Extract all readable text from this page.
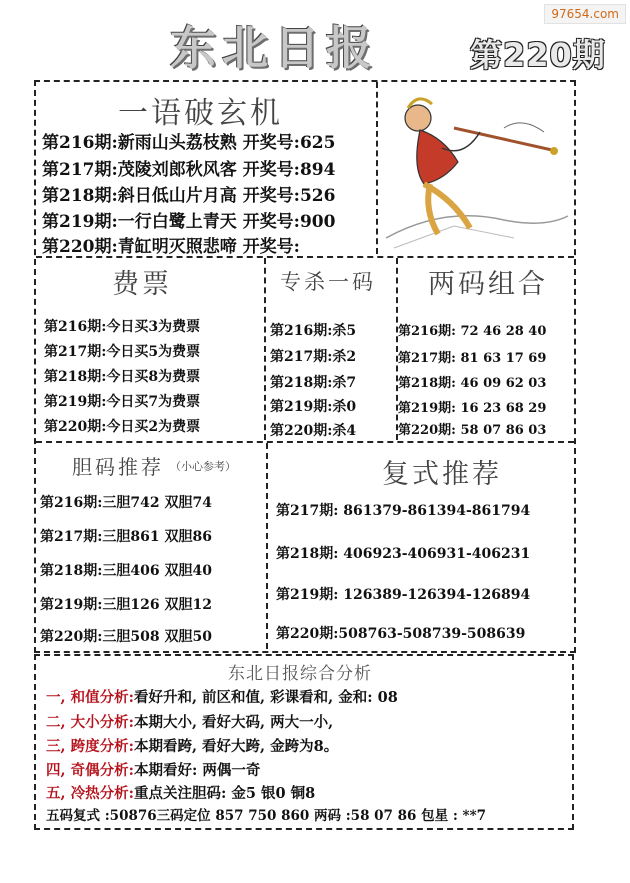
97654.com
东北日报	第220期
一语破玄机
第216期:新雨山头荔枝熟 开奖号:625
第217期:茂陵刘郎秋风客 开奖号:894
第218期:斜日低山片月高 开奖号:526
第219期:一行白鹭上青天 开奖号:900
第220期:青缸明灭照悲啼 开奖号:
费票
第216期:今日买3为费票
第217期:今日买5为费票
第218期:今日买8为费票
第219期:今日买7为费票
第220期:今日买2为费票
专杀一码
第216期:杀5
第217期:杀2
第218期:杀7
第219期:杀0
第220期:杀4
两码组合
第216期: 72 46 28 40
第217期: 81 63 17 69
第218期: 46 09 62 03
第219期: 16 23 68 29
第220期: 58 07 86 03
胆码推荐 （小心参考）
第216期:三胆742 双胆74
第217期:三胆861 双胆86
第218期:三胆406 双胆40
第219期:三胆126 双胆12
第220期:三胆508 双胆50
复式推荐
第217期: 861379-861394-861794
第218期: 406923-406931-406231
第219期: 126389-126394-126894
第220期:508763-508739-508639
东北日报综合分析
一, 和值分析:看好升和, 前区和值, 彩课看和, 金和: 08
二, 大小分析:本期大小, 看好大码, 两大一小,
三, 跨度分析:本期看跨, 看好大跨, 金跨为8。
四, 奇偶分析:本期看好: 两偶一奇
五, 冷热分析:重点关注胆码: 金5 银0 铜8
五码复式 :50876三码定位 857 750 860 两码 :58 07 86 包星 : **7
